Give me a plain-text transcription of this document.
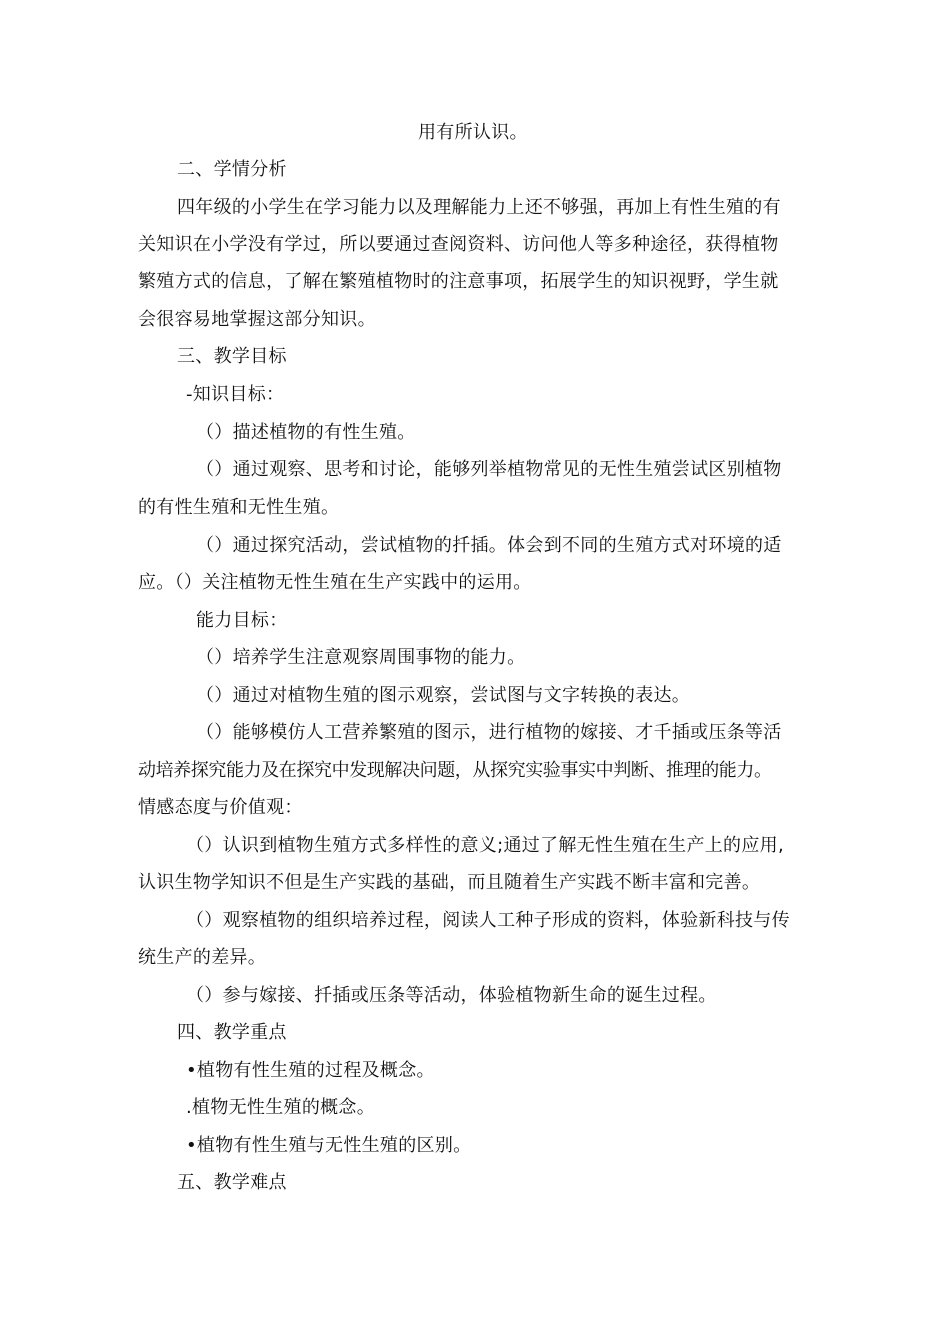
用有所认识。
二、学情分析
四年级的小学生在学习能力以及理解能力上还不够强，再加上有性生殖的有
关知识在小学没有学过，所以要通过查阅资料、访问他人等多种途径，获得植物
繁殖方式的信息，了解在繁殖植物时的注意事项，拓展学生的知识视野，学生就
会很容易地掌握这部分知识。
三、教学目标
-知识目标：
（）描述植物的有性生殖。
（）通过观察、思考和讨论，能够列举植物常见的无性生殖尝试区别植物
的有性生殖和无性生殖。
（）通过探究活动，尝试植物的扦插。体会到不同的生殖方式对环境的适
应。（）关注植物无性生殖在生产实践中的运用。
能力目标：
（）培养学生注意观察周围事物的能力。
（）通过对植物生殖的图示观察，尝试图与文字转换的表达。
（）能够模仿人工营养繁殖的图示，进行植物的嫁接、才千插或压条等活
动培养探究能力及在探究中发现解决问题，从探究实验事实中判断、推理的能力。
情感态度与价值观：
（）认识到植物生殖方式多样性的意义;通过了解无性生殖在生产上的应用,
认识生物学知识不但是生产实践的基础，而且随着生产实践不断丰富和完善。
（）观察植物的组织培养过程，阅读人工种子形成的资料，体验新科技与传
统生产的差异。
（）参与嫁接、扦插或压条等活动，体验植物新生命的诞生过程。
四、教学重点
•植物有性生殖的过程及概念。
.植物无性生殖的概念。
•植物有性生殖与无性生殖的区别。
五、教学难点
